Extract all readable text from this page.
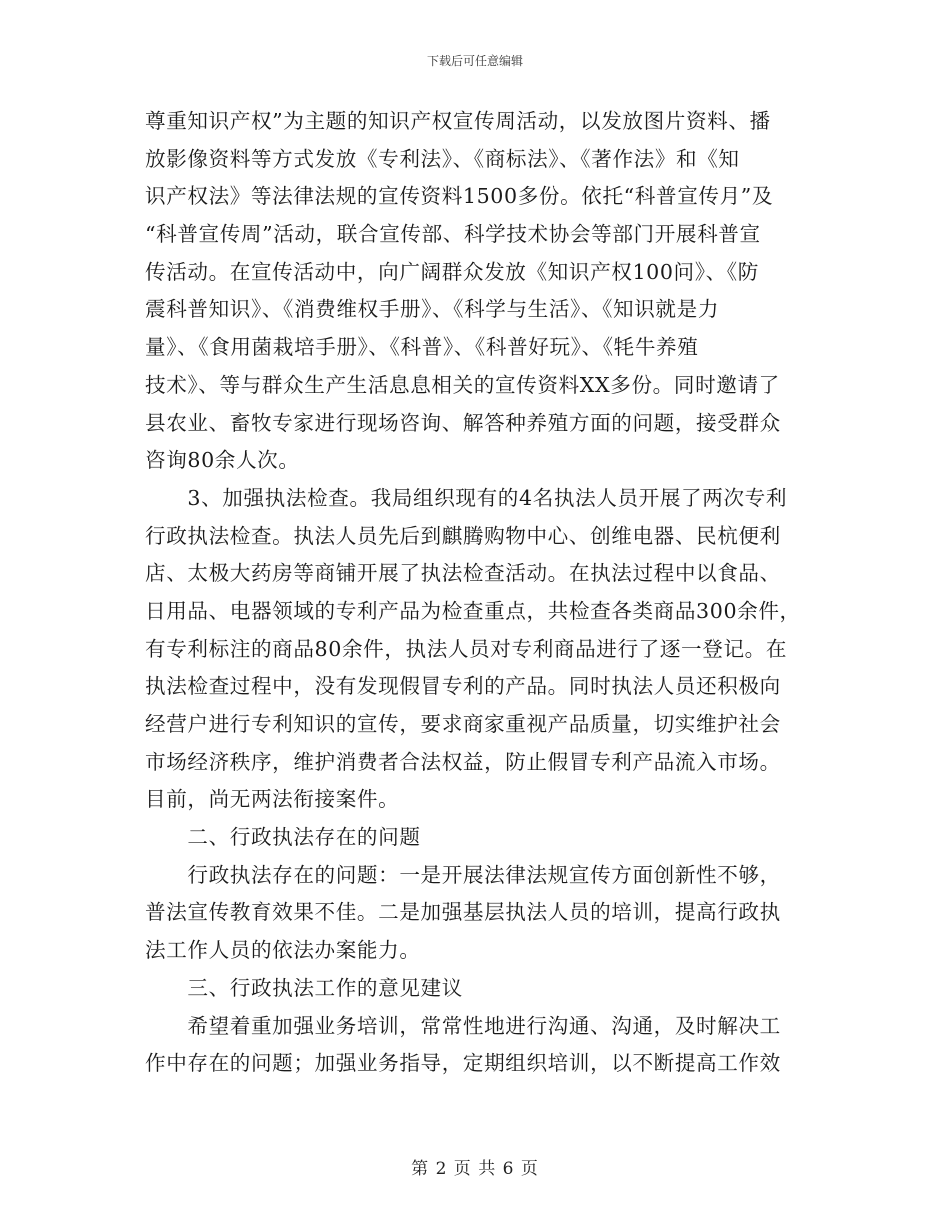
下载后可任意编辑
尊重知识产权”为主题的知识产权宣传周活动，以发放图片资料、播
放影像资料等方式发放《专利法》、《商标法》、《著作法》和《知
识产权法》等法律法规的宣传资料1500多份。依托“科普宣传月”及
“科普宣传周”活动，联合宣传部、科学技术协会等部门开展科普宣
传活动。在宣传活动中，向广阔群众发放《知识产权100问》、《防
震科普知识》、《消费维权手册》、《科学与生活》、《知识就是力
量》、《食用菌栽培手册》、《科普》、《科普好玩》、《牦牛养殖
技术》、等与群众生产生活息息相关的宣传资料XX多份。同时邀请了
县农业、畜牧专家进行现场咨询、解答种养殖方面的问题，接受群众
咨询80余人次。
　　3、加强执法检查。我局组织现有的4名执法人员开展了两次专利
行政执法检查。执法人员先后到麒腾购物中心、创维电器、民杭便利
店、太极大药房等商铺开展了执法检查活动。在执法过程中以食品、
日用品、电器领域的专利产品为检查重点，共检查各类商品300余件，
有专利标注的商品80余件，执法人员对专利商品进行了逐一登记。在
执法检查过程中，没有发现假冒专利的产品。同时执法人员还积极向
经营户进行专利知识的宣传，要求商家重视产品质量，切实维护社会
市场经济秩序，维护消费者合法权益，防止假冒专利产品流入市场。
目前，尚无两法衔接案件。
　　二、行政执法存在的问题
　　行政执法存在的问题：一是开展法律法规宣传方面创新性不够，
普法宣传教育效果不佳。二是加强基层执法人员的培训，提高行政执
法工作人员的依法办案能力。
　　三、行政执法工作的意见建议
　　希望着重加强业务培训，常常性地进行沟通、沟通，及时解决工
作中存在的问题；加强业务指导，定期组织培训，以不断提高工作效
第 2 页 共 6 页
